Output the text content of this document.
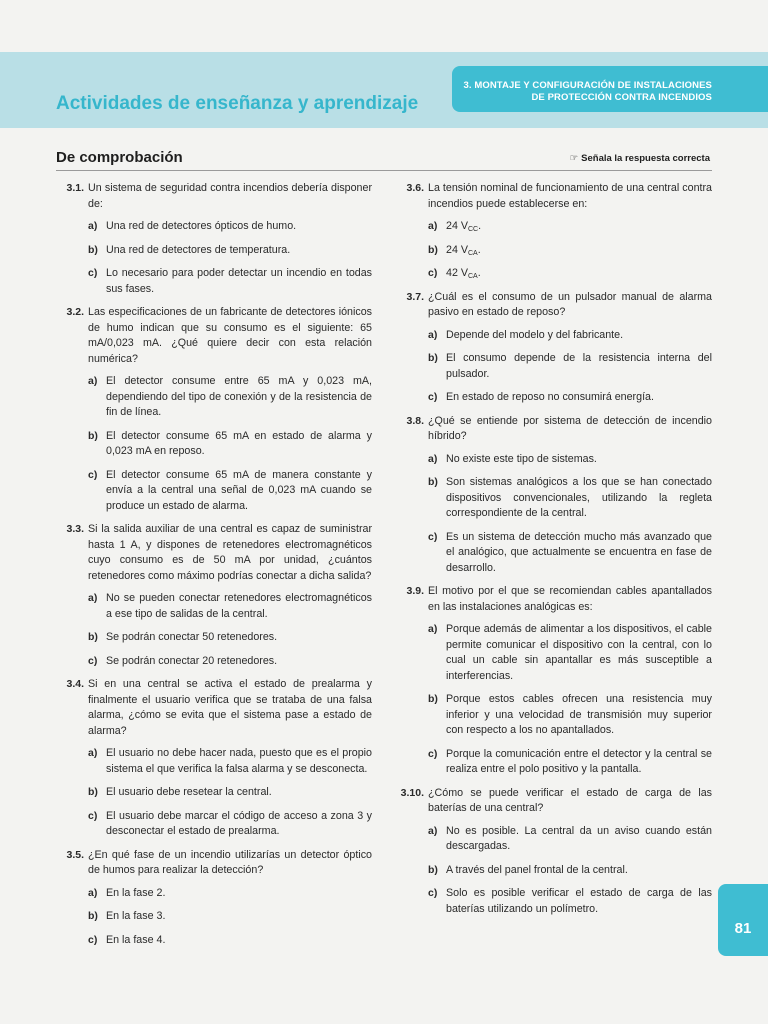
3. MONTAJE Y CONFIGURACIÓN DE INSTALACIONES
DE PROTECCIÓN CONTRA INCENDIOS
Actividades de enseñanza y aprendizaje
De comprobación	☞ Señala la respuesta correcta
3.1. Un sistema de seguridad contra incendios debería disponer de:
a) Una red de detectores ópticos de humo.
b) Una red de detectores de temperatura.
c) Lo necesario para poder detectar un incendio en todas sus fases.
3.2. Las especificaciones de un fabricante de detectores iónicos de humo indican que su consumo es el siguiente: 65 mA/0,023 mA. ¿Qué quiere decir con esta relación numérica?
a) El detector consume entre 65 mA y 0,023 mA, dependiendo del tipo de conexión y de la resistencia de fin de línea.
b) El detector consume 65 mA en estado de alarma y 0,023 mA en reposo.
c) El detector consume 65 mA de manera constante y envía a la central una señal de 0,023 mA cuando se produce un estado de alarma.
3.3. Si la salida auxiliar de una central es capaz de suministrar hasta 1 A, y dispones de retenedores electromagnéticos cuyo consumo es de 50 mA por unidad, ¿cuántos retenedores como máximo podrías conectar a dicha salida?
a) No se pueden conectar retenedores electromagnéticos a ese tipo de salidas de la central.
b) Se podrán conectar 50 retenedores.
c) Se podrán conectar 20 retenedores.
3.4. Si en una central se activa el estado de prealarma y finalmente el usuario verifica que se trataba de una falsa alarma, ¿cómo se evita que el sistema pase a estado de alarma?
a) El usuario no debe hacer nada, puesto que es el propio sistema el que verifica la falsa alarma y se desconecta.
b) El usuario debe resetear la central.
c) El usuario debe marcar el código de acceso a zona 3 y desconectar el estado de prealarma.
3.5. ¿En qué fase de un incendio utilizarías un detector óptico de humos para realizar la detección?
a) En la fase 2.
b) En la fase 3.
c) En la fase 4.
3.6. La tensión nominal de funcionamiento de una central contra incendios puede establecerse en:
a) 24 $V_{CC}$.
b) 24 $V_{CA}$.
c) 42 $V_{CA}$.
3.7. ¿Cuál es el consumo de un pulsador manual de alarma pasivo en estado de reposo?
a) Depende del modelo y del fabricante.
b) El consumo depende de la resistencia interna del pulsador.
c) En estado de reposo no consumirá energía.
3.8. ¿Qué se entiende por sistema de detección de incendio híbrido?
a) No existe este tipo de sistemas.
b) Son sistemas analógicos a los que se han conectado dispositivos convencionales, utilizando la regleta correspondiente de la central.
c) Es un sistema de detección mucho más avanzado que el analógico, que actualmente se encuentra en fase de desarrollo.
3.9. El motivo por el que se recomiendan cables apantallados en las instalaciones analógicas es:
a) Porque además de alimentar a los dispositivos, el cable permite comunicar el dispositivo con la central, con lo cual un cable sin apantallar es más susceptible a interferencias.
b) Porque estos cables ofrecen una resistencia muy inferior y una velocidad de transmisión muy superior con respecto a los no apantallados.
c) Porque la comunicación entre el detector y la central se realiza entre el polo positivo y la pantalla.
3.10. ¿Cómo se puede verificar el estado de carga de las baterías de una central?
a) No es posible. La central da un aviso cuando están descargadas.
b) A través del panel frontal de la central.
c) Solo es posible verificar el estado de carga de las baterías utilizando un polímetro.
81
